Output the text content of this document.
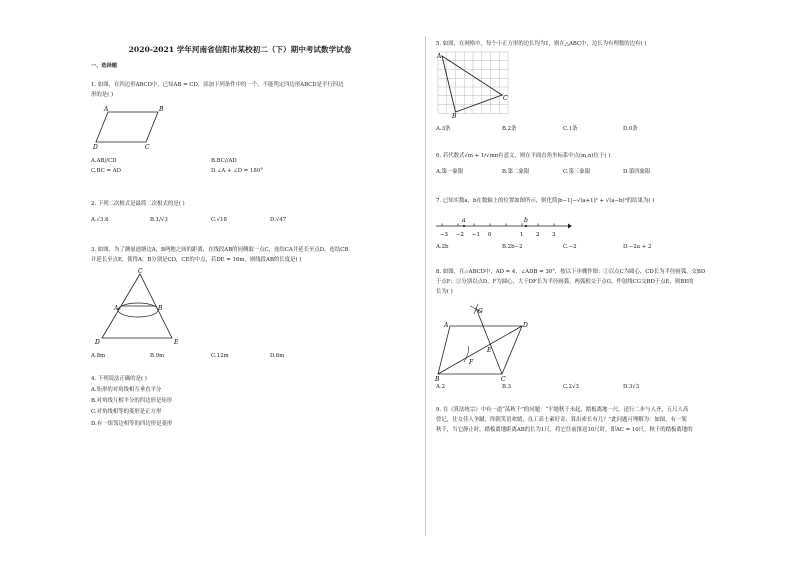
2020-2021 学年河南省信阳市某校初二（下）期中考试数学试卷
一、选择题
1. 如图，在四边形ABCD中，已知AB = CD，添加下列条件中的一个，不能判定四边形ABCD是平行四边
形的是( )
A	B
C
D
A.AB//CD	B.BC//AD
C.BC = AD	D.∠A + ∠D = 180°
2. 下列二次根式是最简二次根式的是( )
A.√3.6	B.1/√3	C.√18	D.√47
3. 如图，为了测量池塘边A，B两地之间的距离，在线段AB的同侧取一点C，连结CA并延长至点D，连结CB
并延长至点E，使得A，B分别是CD，CE的中点，若DE = 16m，则线段AB的长度是( )
C
A	B
D	E
A.8m	B.9m	C.12m	D.6m
4. 下列说法正确的是( )
A.矩形的对角线相互垂直平分
B.对角线互相平分的四边形是矩形
C.对角线相等的菱形是正方形
D.有一组邻边相等的四边形是菱形
5. 如图，在网格中，每个小正方形的边长均为1，则在△ABC中，边长为有理数的边有( )
A
B
C
A.3条	B.2条	C.1条	D.0条
6. 若代数式√m + 1/√mn有意义，则在平面直角坐标系中点(m,n)位于( )
A.第一象限	B.第二象限	C.第三象限	D.第四象限
7. 已知实数a，b在数轴上的位置如图所示，则化简|b−1|−√(a+1)² + √(a−b)²的结果为( )
−3 −2 −1 0	1 2 3
a	b
A.2b	B.2b−2	C.−2	D.−2a + 2
8. 如图，在▱ABCD中，AD = 4，∠ADB = 30°，按以下步骤作图：①以点C为圆心，CD长为半径画弧，交BD
于点F；②分别以点D，F为圆心，大于DF长为半径画弧，两弧相交于点G，作射线CG交BD于点E，则BE的
长为( )
A
G
D
E
F
B	C
A.2	B.3	C.2√3	D.3√3
9. 在《算法统宗》中有一道“荡秋千”的问题：“平地秋千未起，踏板离地一尺，送行二步与人齐，五尺人高
曾记，仕女佳人争蹴，终朝笑语欢嬉，良工高士素好奇，算出索长有几？”此问题可理解为：如图，有一架
秋千，当它静止时，踏板离地距离AB的长为1尺，将它往前推送10尺时，即AC = 10尺，秋千的踏板离地的
